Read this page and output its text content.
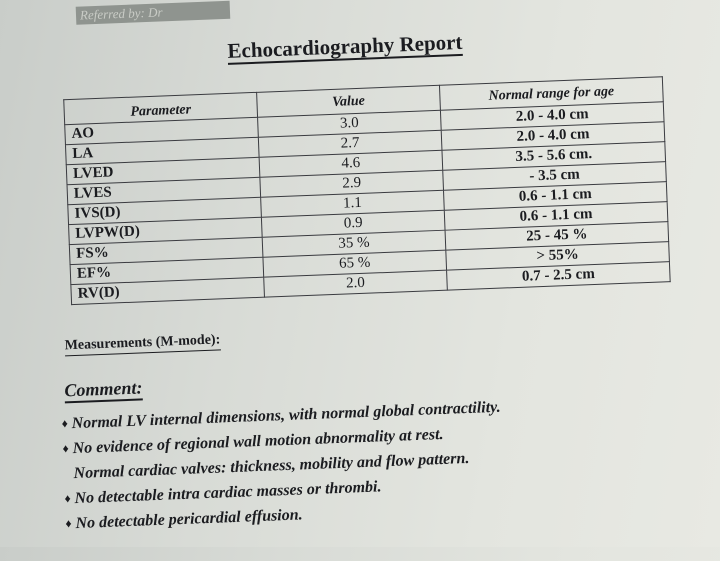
Referred by: Dr
Echocardiography Report
Parameter	Value	Normal range for age
AO	3.0	2.0 - 4.0 cm
LA	2.7	2.0 - 4.0 cm
LVED	4.6	3.5 - 5.6 cm.
LVES	2.9	- 3.5 cm
IVS(D)	1.1	0.6 - 1.1 cm
LVPW(D)	0.9	0.6 - 1.1 cm
FS%	35 %	25 - 45 %
EF%	65 %	> 55%
RV(D)	2.0	0.7 - 2.5 cm
Measurements (M-mode):
Comment:
♦ Normal LV internal dimensions, with normal global contractility.
♦ No evidence of regional wall motion abnormality at rest.
Normal cardiac valves: thickness, mobility and flow pattern.
♦ No detectable intra cardiac masses or thrombi.
♦ No detectable pericardial effusion.
